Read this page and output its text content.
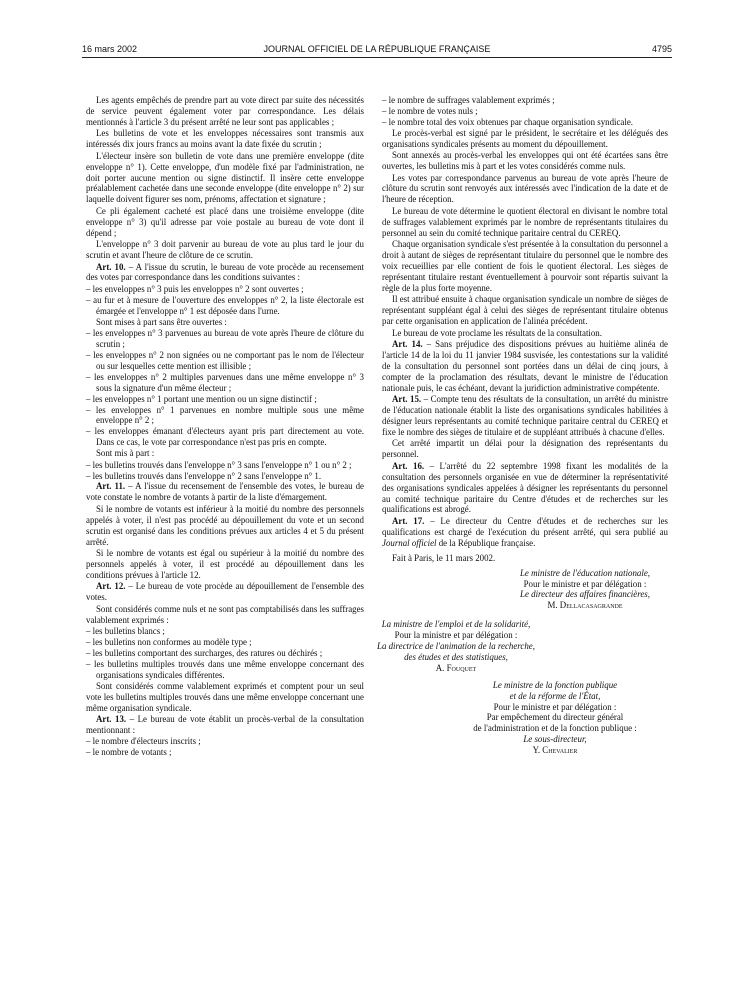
16 mars 2002	JOURNAL OFFICIEL DE LA RÉPUBLIQUE FRANÇAISE	4795

Les agents empêchés de prendre part au vote direct par suite des nécessités de service peuvent également voter par correspondance. Les délais mentionnés à l'article 3 du présent arrêté ne leur sont pas applicables ;

Les bulletins de vote et les enveloppes nécessaires sont transmis aux intéressés dix jours francs au moins avant la date fixée du scrutin ;

L'électeur insère son bulletin de vote dans une première enveloppe (dite enveloppe n° 1). Cette enveloppe, d'un modèle fixé par l'administration, ne doit porter aucune mention ou signe distinctif. Il insère cette enveloppe préalablement cachetée dans une seconde enveloppe (dite enveloppe n° 2) sur laquelle doivent figurer ses nom, prénoms, affectation et signature ;

Ce pli également cacheté est placé dans une troisième enveloppe (dite enveloppe n° 3) qu'il adresse par voie postale au bureau de vote dont il dépend ;

L'enveloppe n° 3 doit parvenir au bureau de vote au plus tard le jour du scrutin et avant l'heure de clôture de ce scrutin.

Art. 10. – A l'issue du scrutin, le bureau de vote procède au recensement des votes par correspondance dans les conditions suivantes :

– les enveloppes n° 3 puis les enveloppes n° 2 sont ouvertes ;

– au fur et à mesure de l'ouverture des enveloppes n° 2, la liste électorale est émargée et l'enveloppe n° 1 est déposée dans l'urne.

Sont mises à part sans être ouvertes :

– les enveloppes n° 3 parvenues au bureau de vote après l'heure de clôture du scrutin ;

– les enveloppes n° 2 non signées ou ne comportant pas le nom de l'électeur ou sur lesquelles cette mention est illisible ;

– les enveloppes n° 2 multiples parvenues dans une même enveloppe n° 3 sous la signature d'un même électeur ;

– les enveloppes n° 1 portant une mention ou un signe distinctif ;

– les enveloppes n° 1 parvenues en nombre multiple sous une même enveloppe n° 2 ;

– les enveloppes émanant d'électeurs ayant pris part directement au vote. Dans ce cas, le vote par correspondance n'est pas pris en compte.

Sont mis à part :

– les bulletins trouvés dans l'enveloppe n° 3 sans l'enveloppe n° 1 ou n° 2 ;

– les bulletins trouvés dans l'enveloppe n° 2 sans l'enveloppe n° 1.

Art. 11. – A l'issue du recensement de l'ensemble des votes, le bureau de vote constate le nombre de votants à partir de la liste d'émargement.

Si le nombre de votants est inférieur à la moitié du nombre des personnels appelés à voter, il n'est pas procédé au dépouillement du vote et un second scrutin est organisé dans les conditions prévues aux articles 4 et 5 du présent arrêté.

Si le nombre de votants est égal ou supérieur à la moitié du nombre des personnels appelés à voter, il est procédé au dépouillement dans les conditions prévues à l'article 12.

Art. 12. – Le bureau de vote procède au dépouillement de l'ensemble des votes.

Sont considérés comme nuls et ne sont pas comptabilisés dans les suffrages valablement exprimés :

– les bulletins blancs ;

– les bulletins non conformes au modèle type ;

– les bulletins comportant des surcharges, des ratures ou déchirés ;

– les bulletins multiples trouvés dans une même enveloppe concernant des organisations syndicales différentes.

Sont considérés comme valablement exprimés et comptent pour un seul vote les bulletins multiples trouvés dans une même enveloppe concernant une même organisation syndicale.

Art. 13. – Le bureau de vote établit un procès-verbal de la consultation mentionnant :

– le nombre d'électeurs inscrits ;

– le nombre de votants ;

– le nombre de suffrages valablement exprimés ;

– le nombre de votes nuls ;

– le nombre total des voix obtenues par chaque organisation syndicale.

Le procès-verbal est signé par le président, le secrétaire et les délégués des organisations syndicales présents au moment du dépouillement.

Sont annexés au procès-verbal les enveloppes qui ont été écartées sans être ouvertes, les bulletins mis à part et les votes considérés comme nuls.

Les votes par correspondance parvenus au bureau de vote après l'heure de clôture du scrutin sont renvoyés aux intéressés avec l'indication de la date et de l'heure de réception.

Le bureau de vote détermine le quotient électoral en divisant le nombre total de suffrages valablement exprimés par le nombre de représentants titulaires du personnel au sein du comité technique paritaire central du CEREQ.

Chaque organisation syndicale s'est présentée à la consultation du personnel a droit à autant de sièges de représentant titulaire du personnel que le nombre des voix recueillies par elle contient de fois le quotient électoral. Les sièges de représentant titulaire restant éventuellement à pourvoir sont répartis suivant la règle de la plus forte moyenne.

Il est attribué ensuite à chaque organisation syndicale un nombre de sièges de représentant suppléant égal à celui des sièges de représentant titulaire obtenus par cette organisation en application de l'alinéa précédent.

Le bureau de vote proclame les résultats de la consultation.

Art. 14. – Sans préjudice des dispositions prévues au huitième alinéa de l'article 14 de la loi du 11 janvier 1984 susvisée, les contestations sur la validité de la consultation du personnel sont portées dans un délai de cinq jours, à compter de la proclamation des résultats, devant le ministre de l'éducation nationale puis, le cas échéant, devant la juridiction administrative compétente.

Art. 15. – Compte tenu des résultats de la consultation, un arrêté du ministre de l'éducation nationale établit la liste des organisations syndicales habilitées à désigner leurs représentants au comité technique paritaire central du CEREQ et fixe le nombre des sièges de titulaire et de suppléant attribués à chacune d'elles.

Cet arrêté impartit un délai pour la désignation des représentants du personnel.

Art. 16. – L'arrêté du 22 septembre 1998 fixant les modalités de la consultation des personnels organisée en vue de déterminer la représentativité des organisations syndicales appelées à désigner les représentants du personnel au comité technique paritaire du Centre d'études et de recherches sur les qualifications est abrogé.

Art. 17. – Le directeur du Centre d'études et de recherches sur les qualifications est chargé de l'exécution du présent arrêté, qui sera publié au Journal officiel de la République française.

Fait à Paris, le 11 mars 2002.

Le ministre de l'éducation nationale,
Pour le ministre et par délégation :
Le directeur des affaires financières,
M. Dellacasagrande
La ministre de l'emploi et de la solidarité,
Pour la ministre et par délégation :
La directrice de l'animation de la recherche,
des études et des statistiques,
A. Fouquet
Le ministre de la fonction publique
et de la réforme de l'État,
Pour le ministre et par délégation :
Par empêchement du directeur général
de l'administration et de la fonction publique :
Le sous-directeur,
Y. Chevalier
